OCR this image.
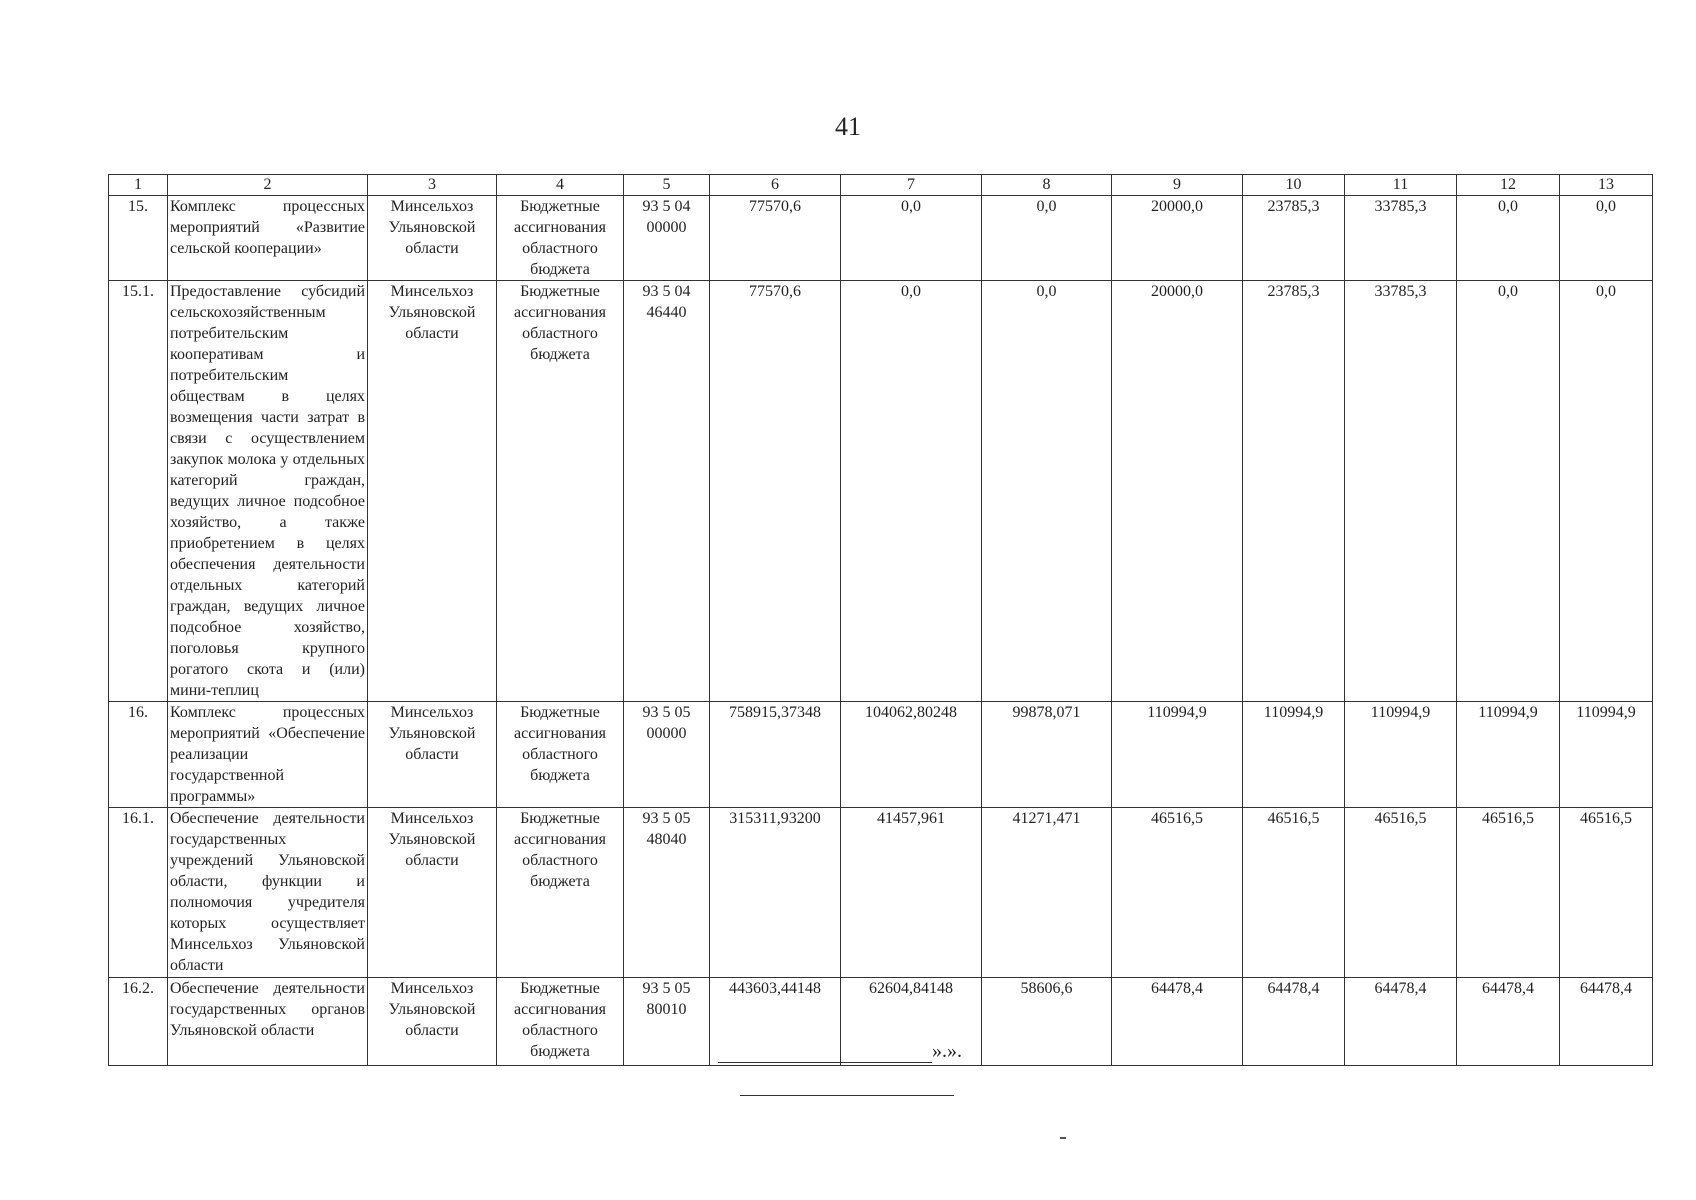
41
1	2	3	4	5	6	7	8	9	10	11	12	13
15.	Комплекс процессных мероприятий «Развитие сельской кооперации»	Минсельхоз Ульяновской области	Бюджетные ассигнования областного бюджета	93 5 04 00000	77570,6	0,0	0,0	20000,0	23785,3	33785,3	0,0	0,0
15.1.	Предоставление субсидий сельскохозяйственным потребительским кооперативам и потребительским обществам в целях возмещения части затрат в связи с осуществлением закупок молока у отдельных категорий граждан, ведущих личное подсобное хозяйство, а также приобретением в целях обеспечения деятельности отдельных категорий граждан, ведущих личное подсобное хозяйство, поголовья крупного рогатого скота и (или) мини-теплиц	Минсельхоз Ульяновской области	Бюджетные ассигнования областного бюджета	93 5 04 46440	77570,6	0,0	0,0	20000,0	23785,3	33785,3	0,0	0,0
16.	Комплекс процессных мероприятий «Обеспечение реализации государственной программы»	Минсельхоз Ульяновской области	Бюджетные ассигнования областного бюджета	93 5 05 00000	758915,37348	104062,80248	99878,071	110994,9	110994,9	110994,9	110994,9	110994,9
16.1.	Обеспечение деятельности государственных учреждений Ульяновской области, функции и полномочия учредителя которых осуществляет Минсельхоз Ульяновской области	Минсельхоз Ульяновской области	Бюджетные ассигнования областного бюджета	93 5 05 48040	315311,93200	41457,961	41271,471	46516,5	46516,5	46516,5	46516,5	46516,5
16.2.	Обеспечение деятельности государственных органов Ульяновской области	Минсельхоз Ульяновской области	Бюджетные ассигнования областного бюджета	93 5 05 80010	443603,44148	62604,84148	58606,6	64478,4	64478,4	64478,4	64478,4	64478,4
».».
